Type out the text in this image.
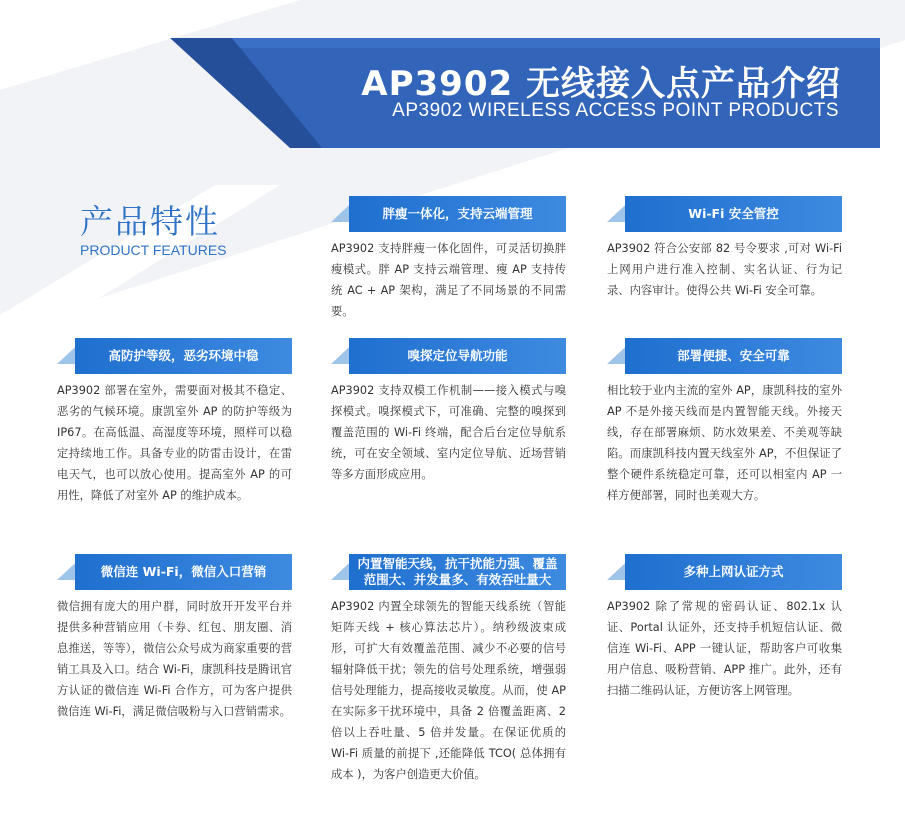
AP3902 无线接入点产品介绍
AP3902 WIRELESS ACCESS POINT PRODUCTS
产品特性
PRODUCT FEATURES
胖瘦一体化，支持云端管理
AP3902 支持胖瘦一体化固件，可灵活切换胖瘦模式。胖 AP 支持云端管理、瘦 AP 支持传统 AC + AP 架构，满足了不同场景的不同需要。
Wi-Fi 安全管控
AP3902 符合公安部 82 号令要求 ,可对 Wi-Fi 上网用户进行准入控制、实名认证、行为记录、内容审计。使得公共 Wi-Fi 安全可靠。
高防护等级，恶劣环境中稳
AP3902 部署在室外，需要面对极其不稳定、恶劣的气候环境。康凯室外 AP 的防护等级为 IP67。在高低温、高湿度等环境，照样可以稳定持续地工作。具备专业的防雷击设计，在雷电天气，也可以放心使用。提高室外 AP 的可用性，降低了对室外 AP 的维护成本。
嗅探定位导航功能
AP3902 支持双模工作机制——接入模式与嗅探模式。嗅探模式下，可准确、完整的嗅探到覆盖范围的 Wi-Fi 终端，配合后台定位导航系统，可在安全领域、室内定位导航、近场营销等多方面形成应用。
部署便捷、安全可靠
相比较于业内主流的室外 AP，康凯科技的室外 AP 不是外接天线而是内置智能天线。外接天线，存在部署麻烦、防水效果差、不美观等缺陷。而康凯科技内置天线室外 AP，不但保证了整个硬件系统稳定可靠，还可以相室内 AP 一样方便部署，同时也美观大方。
微信连 Wi-Fi，微信入口营销
微信拥有庞大的用户群，同时放开开发平台并提供多种营销应用（卡券、红包、朋友圈、消息推送，等等），微信公众号成为商家重要的营销工具及入口。结合 Wi-Fi，康凯科技是腾讯官方认证的微信连 Wi-Fi 合作方，可为客户提供微信连 Wi-Fi，满足微信吸粉与入口营销需求。
内置智能天线，抗干扰能力强、覆盖范围大、并发量多、有效吞吐量大
AP3902 内置全球领先的智能天线系统（智能矩阵天线 + 核心算法芯片）。纳秒级波束成形，可扩大有效覆盖范围、减少不必要的信号辐射降低干扰；领先的信号处理系统，增强弱信号处理能力，提高接收灵敏度。从而，使 AP 在实际多干扰环境中，具备 2 倍覆盖距离、2 倍以上吞吐量、5 倍并发量。在保证优质的 Wi-Fi 质量的前提下 ,还能降低 TCO( 总体拥有成本 )，为客户创造更大价值。
多种上网认证方式
AP3902 除了常规的密码认证、802.1x 认证、Portal 认证外，还支持手机短信认证、微信连 Wi-Fi、APP 一键认证，帮助客户可收集用户信息、吸粉营销、APP 推广。此外，还有扫描二维码认证，方便访客上网管理。
